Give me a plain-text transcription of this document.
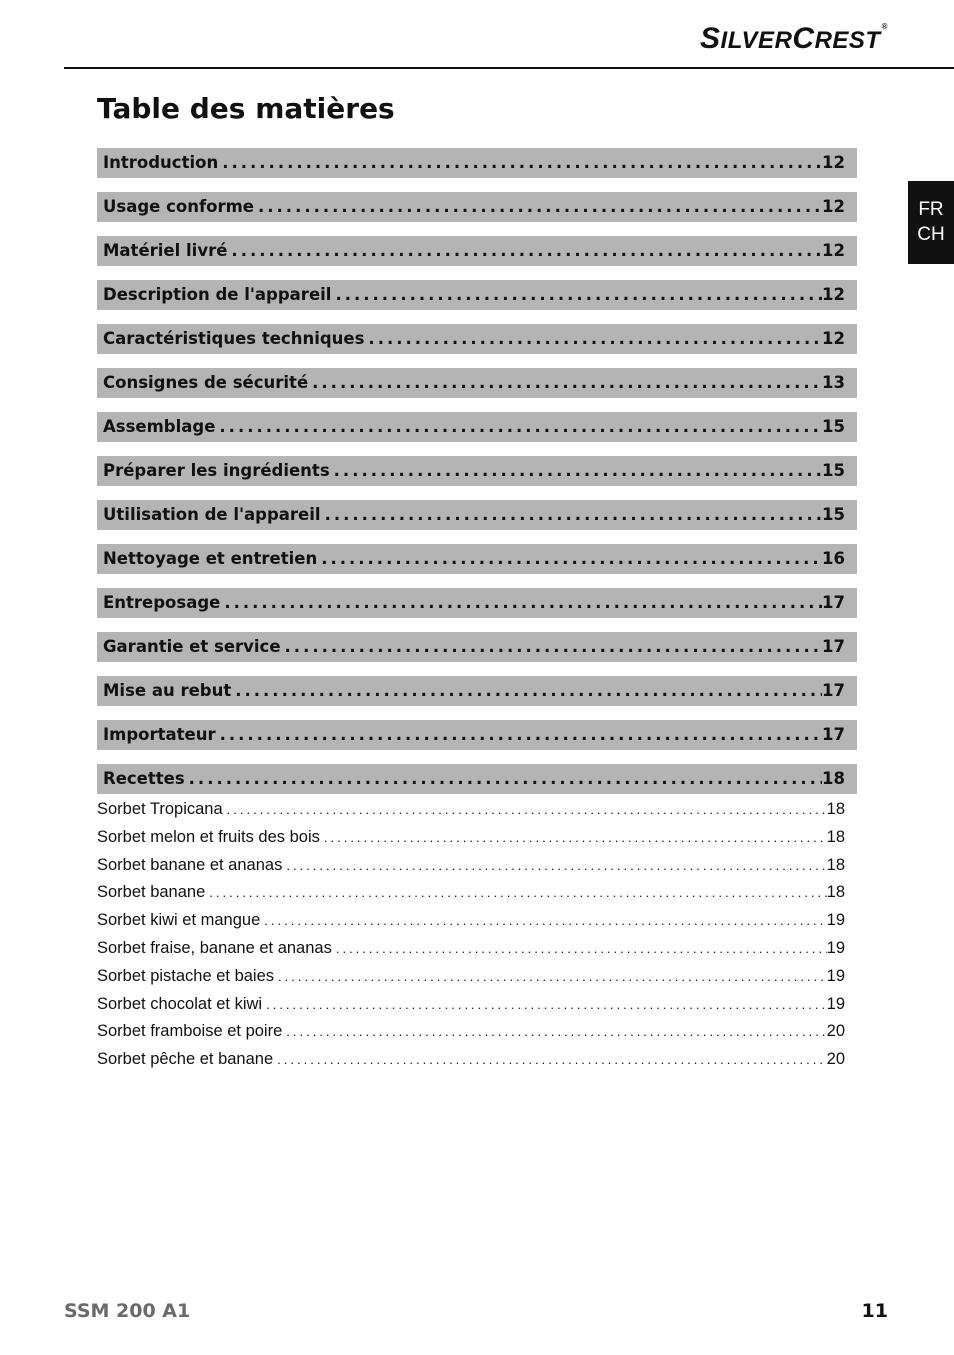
SILVERCREST®
Table des matières
FR
CH
Introduction .....	12
Usage conforme .....	12
Matériel livré .....	12
Description de l'appareil .....	12
Caractéristiques techniques .....	12
Consignes de sécurité .....	13
Assemblage .....	15
Préparer les ingrédients .....	15
Utilisation de l'appareil .....	15
Nettoyage et entretien .....	16
Entreposage .....	17
Garantie et service .....	17
Mise au rebut .....	17
Importateur .....	17
Recettes .....	18
Sorbet Tropicana .....	18
Sorbet melon et fruits des bois .....	18
Sorbet banane et ananas .....	18
Sorbet banane .....	18
Sorbet kiwi et mangue .....	19
Sorbet fraise, banane et ananas .....	19
Sorbet pistache et baies .....	19
Sorbet chocolat et kiwi .....	19
Sorbet framboise et poire .....	20
Sorbet pêche et banane .....	20
SSM 200 A1	11
